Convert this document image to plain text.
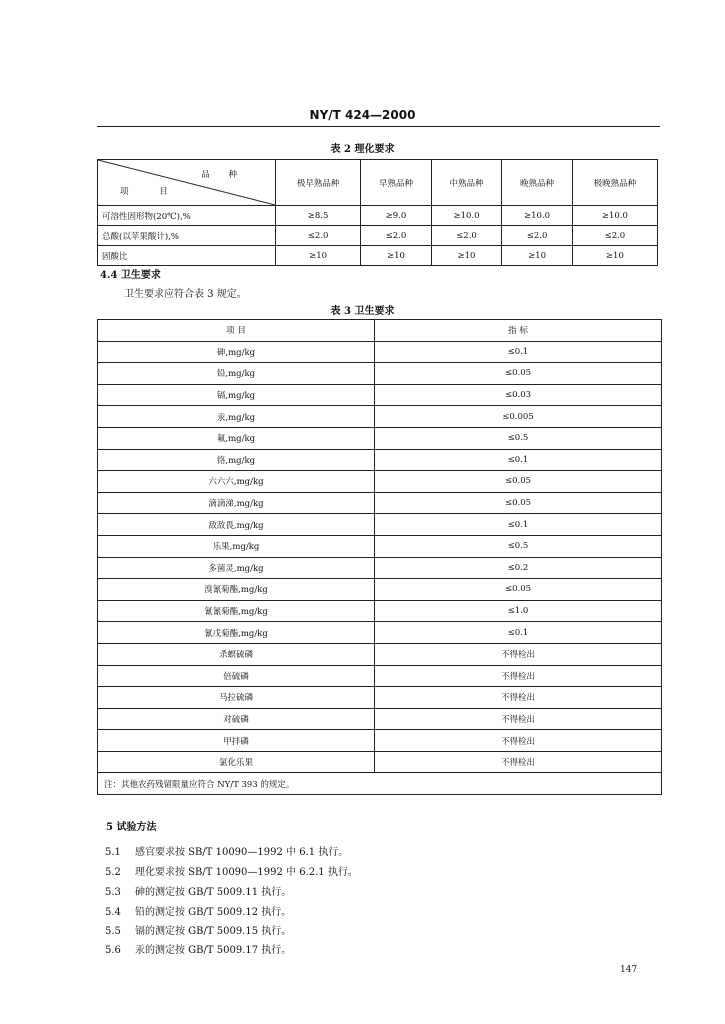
NY/T 424—2000
表 2 理化要求
品 种
项 目	极早熟品种	早熟品种	中熟品种	晚熟品种	极晚熟品种
可溶性固形物(20℃),%	≥8.5	≥9.0	≥10.0	≥10.0	≥10.0
总酸(以苹果酸计),%	≤2.0	≤2.0	≤2.0	≤2.0	≤2.0
固酸比	≥10	≥10	≥10	≥10	≥10
4.4 卫生要求
卫生要求应符合表 3 规定。
表 3 卫生要求
项 目	指 标
砷,mg/kg	≤0.1
铅,mg/kg	≤0.05
镉,mg/kg	≤0.03
汞,mg/kg	≤0.005
氟,mg/kg	≤0.5
铬,mg/kg	≤0.1
六六六,mg/kg	≤0.05
滴滴涕,mg/kg	≤0.05
敌敌畏,mg/kg	≤0.1
乐果,mg/kg	≤0.5
多菌灵,mg/kg	≤0.2
溴氰菊酯,mg/kg	≤0.05
氰氰菊酯,mg/kg	≤1.0
氰戊菊酯,mg/kg	≤0.1
杀螟硫磷	不得检出
倍硫磷	不得检出
马拉硫磷	不得检出
对硫磷	不得检出
甲拌磷	不得检出
氯化乐果	不得检出
注：其他农药残留限量应符合 NY/T 393 的规定。	
5 试验方法
5.1 感官要求按 SB/T 10090—1992 中 6.1 执行。
5.2 理化要求按 SB/T 10090—1992 中 6.2.1 执行。
5.3 砷的测定按 GB/T 5009.11 执行。
5.4 铅的测定按 GB/T 5009.12 执行。
5.5 镉的测定按 GB/T 5009.15 执行。
5.6 汞的测定按 GB/T 5009.17 执行。
147
